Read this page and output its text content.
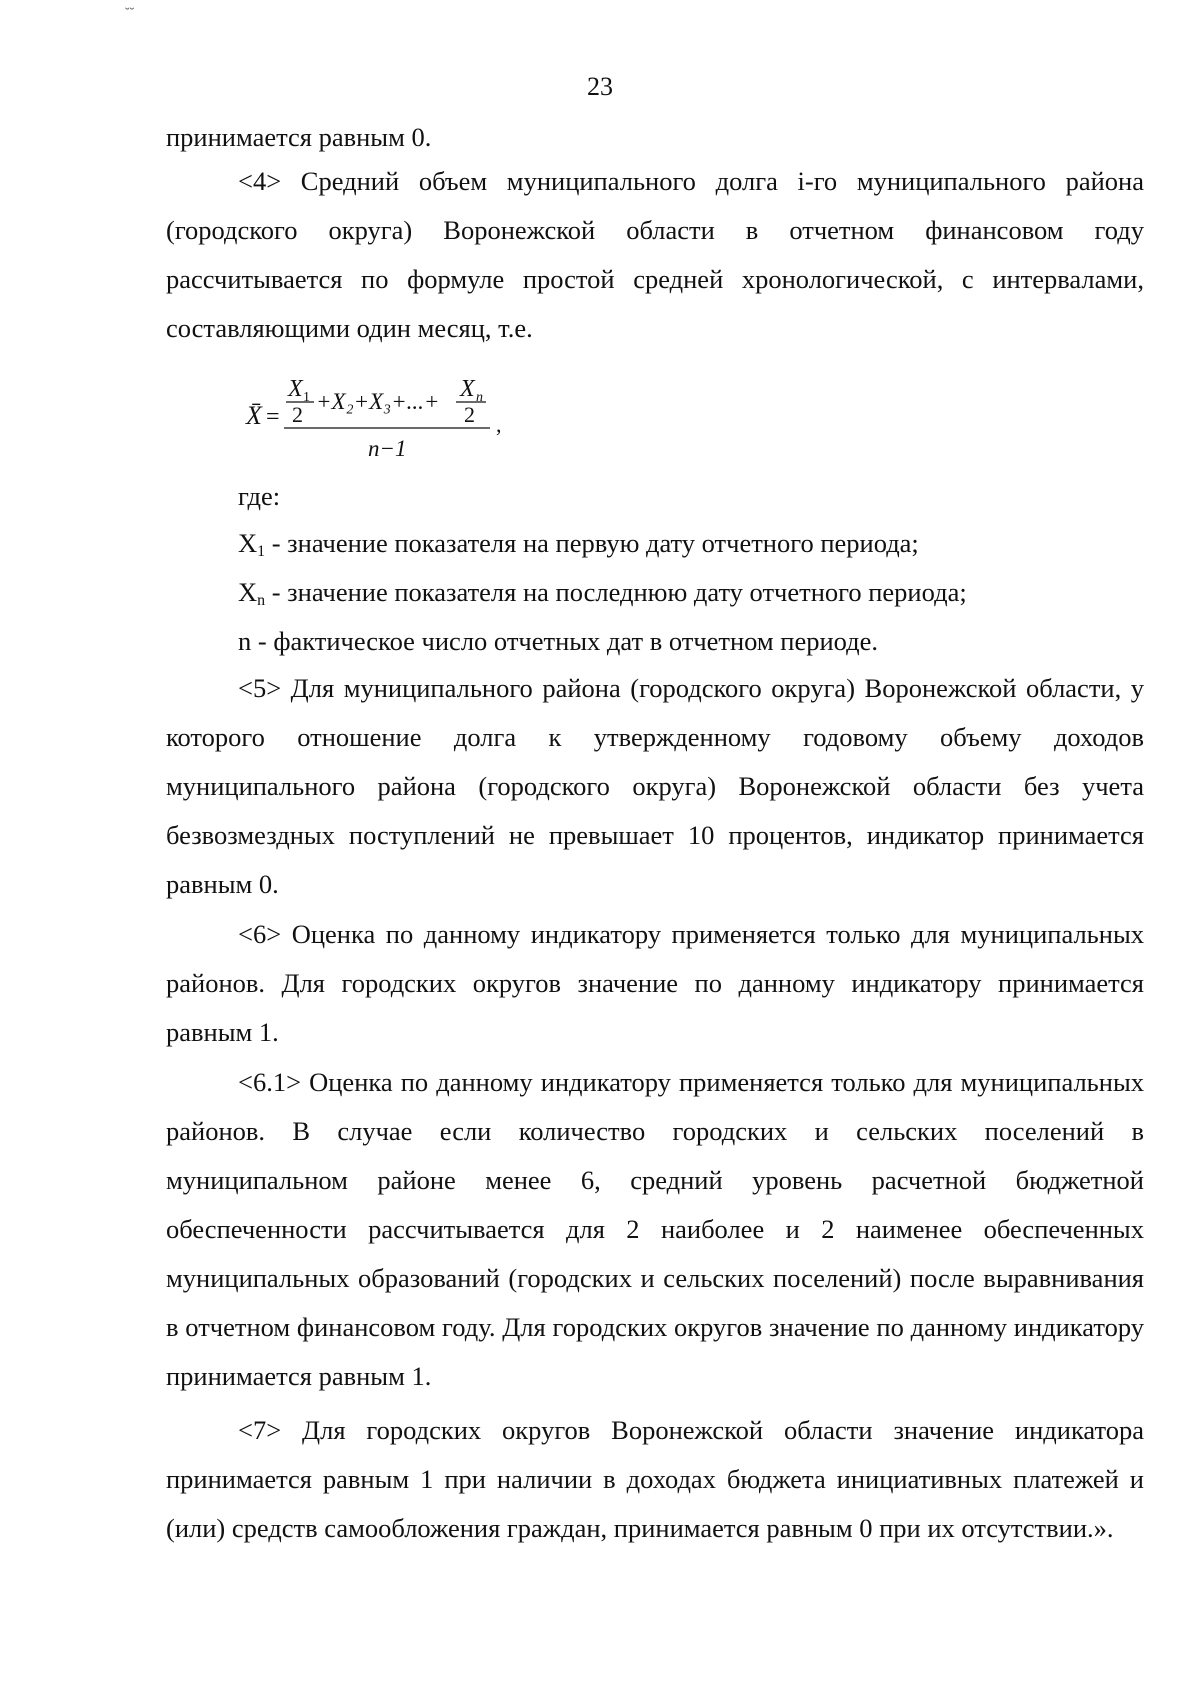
˘˘
23
принимается равным 0.
<4> Средний объем муниципального долга i-го муниципального района (городского округа) Воронежской области в отчетном финансовом году рассчитывается по формуле простой средней хронологической, с интервалами, составляющими один месяц, т.е.
X̄ =
X 1
2
+X₂+X₃+...+ X n
2
n−1
,
где:
$X_1$ - значение показателя на первую дату отчетного периода;
$X_n$ - значение показателя на последнюю дату отчетного периода;
n - фактическое число отчетных дат в отчетном периоде.
<5> Для муниципального района (городского округа) Воронежской области, у которого отношение долга к утвержденному годовому объему доходов муниципального района (городского округа) Воронежской области без учета безвозмездных поступлений не превышает 10 процентов, индикатор принимается равным 0.
<6> Оценка по данному индикатору применяется только для муниципальных районов. Для городских округов значение по данному индикатору принимается равным 1.
<6.1> Оценка по данному индикатору применяется только для муниципальных районов. В случае если количество городских и сельских поселений в муниципальном районе менее 6, средний уровень расчетной бюджетной обеспеченности рассчитывается для 2 наиболее и 2 наименее обеспеченных муниципальных образований (городских и сельских поселений) после выравнивания в отчетном финансовом году. Для городских округов значение по данному индикатору принимается равным 1.
<7> Для городских округов Воронежской области значение индикатора принимается равным 1 при наличии в доходах бюджета инициативных платежей и (или) средств самообложения граждан, принимается равным 0 при их отсутствии.».
